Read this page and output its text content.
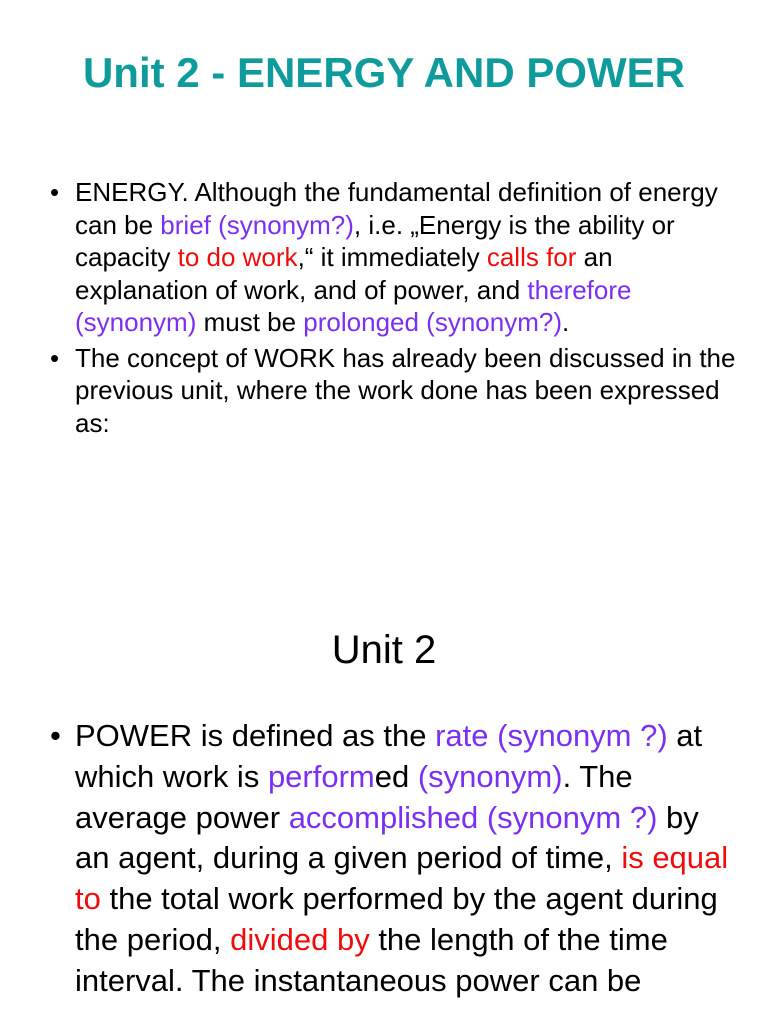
Unit 2 - ENERGY AND POWER
• ENERGY. Although the fundamental definition of energy can be brief (synonym?), i.e. „Energy is the ability or capacity to do work,“ it immediately calls for an explanation of work, and of power, and therefore (synonym) must be prolonged (synonym?).
• The concept of WORK has already been discussed in the previous unit, where the work done has been expressed as:
Unit 2
• POWER is defined as the rate (synonym ?) at which work is performed (synonym). The average power accomplished (synonym ?) by an agent, during a given period of time, is equal to the total work performed by the agent during the period, divided by the length of the time interval. The instantaneous power can be
